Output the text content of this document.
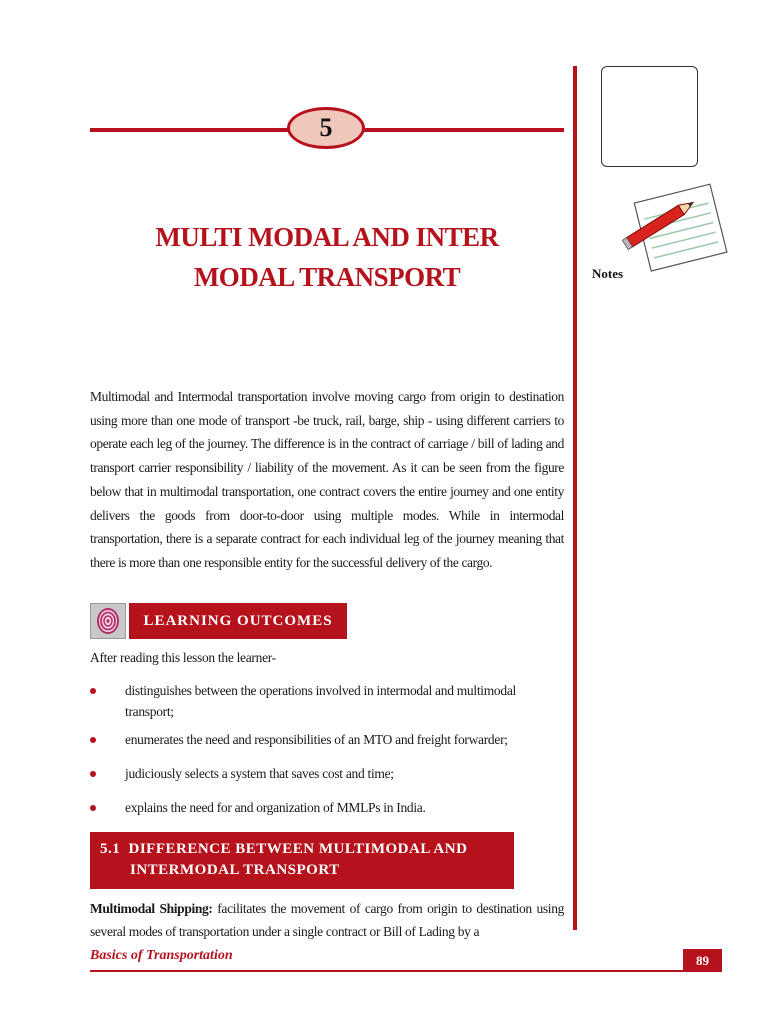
5
MULTI MODAL AND INTER
MODAL TRANSPORT	Notes

Multimodal and Intermodal transportation involve moving cargo from origin to destination using more than one mode of transport -be truck, rail, barge, ship - using different carriers to operate each leg of the journey. The difference is in the contract of carriage / bill of lading and transport carrier responsibility / liability of the movement. As it can be seen from the figure below that in multimodal transportation, one contract covers the entire journey and one entity delivers the goods from door-to-door using multiple modes. While in intermodal transportation, there is a separate contract for each individual leg of the journey meaning that there is more than one responsible entity for the successful delivery of the cargo.

LEARNING OUTCOMES
After reading this lesson the learner-
distinguishes between the operations involved in intermodal and multimodal transport;
enumerates the need and responsibilities of an MTO and freight forwarder;
judiciously selects a system that saves cost and time;
explains the need for and organization of MMLPs in India.
5.1 DIFFERENCE BETWEEN MULTIMODAL AND
INTERMODAL TRANSPORT

Multimodal Shipping: facilitates the movement of cargo from origin to destination using several modes of transportation under a single contract or Bill of Lading by a

Basics of Transportation	89
